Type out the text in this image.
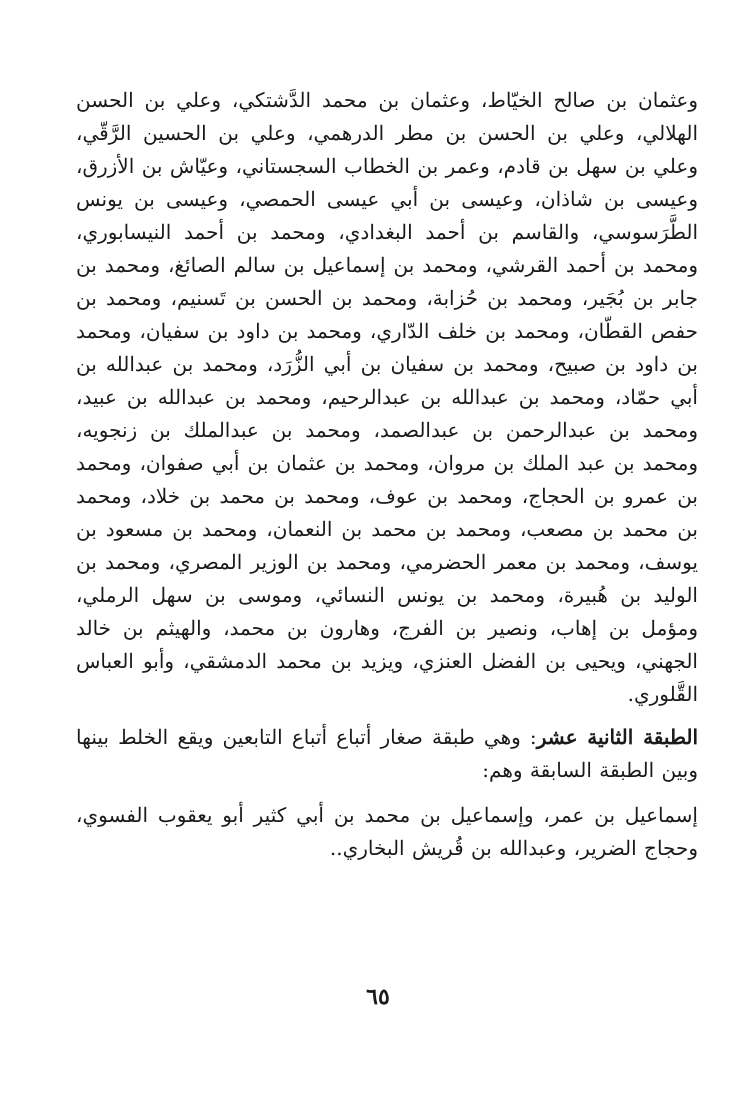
وعثمان بن صالح الخيّاط، وعثمان بن محمد الدَّشتكي، وعلي بن الحسن الهلالي، وعلي بن الحسن بن مطر الدرهمي، وعلي بن الحسين الرَّقّي، وعلي بن سهل بن قادم، وعمر بن الخطاب السجستاني، وعيّاش بن الأزرق، وعيسى بن شاذان، وعيسى بن أبي عيسى الحمصي، وعيسى بن يونس الطَّرَسوسي، والقاسم بن أحمد البغدادي، ومحمد بن أحمد النيسابوري، ومحمد بن أحمد القرشي، ومحمد بن إسماعيل بن سالم الصائغ، ومحمد بن جابر بن بُجَير، ومحمد بن حُزابة، ومحمد بن الحسن بن تَسنيم، ومحمد بن حفص القطّان، ومحمد بن خلف الدّاري، ومحمد بن داود بن سفيان، ومحمد بن داود بن صبيح، ومحمد بن سفيان بن أبي الزُّرَد، ومحمد بن عبدالله بن أبي حمّاد، ومحمد بن عبدالله بن عبدالرحيم، ومحمد بن عبدالله بن عبيد، ومحمد بن عبدالرحمن بن عبدالصمد، ومحمد بن عبدالملك بن زنجويه، ومحمد بن عبد الملك بن مروان، ومحمد بن عثمان بن أبي صفوان، ومحمد بن عمرو بن الحجاج، ومحمد بن عوف، ومحمد بن محمد بن خلاد، ومحمد بن محمد بن مصعب، ومحمد بن محمد بن النعمان، ومحمد بن مسعود بن يوسف، ومحمد بن معمر الحضرمي، ومحمد بن الوزير المصري، ومحمد بن الوليد بن هُبيرة، ومحمد بن يونس النسائي، وموسى بن سهل الرملي، ومؤمل بن إهاب، ونصير بن الفرج، وهارون بن محمد، والهيثم بن خالد الجهني، ويحيى بن الفضل العنزي، ويزيد بن محمد الدمشقي، وأبو العباس القَّلوري.

الطبقة الثانية عشر: وهي طبقة صغار أتباع أتباع التابعين ويقع الخلط بينها وبين الطبقة السابقة وهم:

إسماعيل بن عمر، وإسماعيل بن محمد بن أبي كثير أبو يعقوب الفسوي، وحجاج الضرير، وعبدالله بن قُريش البخاري..

٦٥
